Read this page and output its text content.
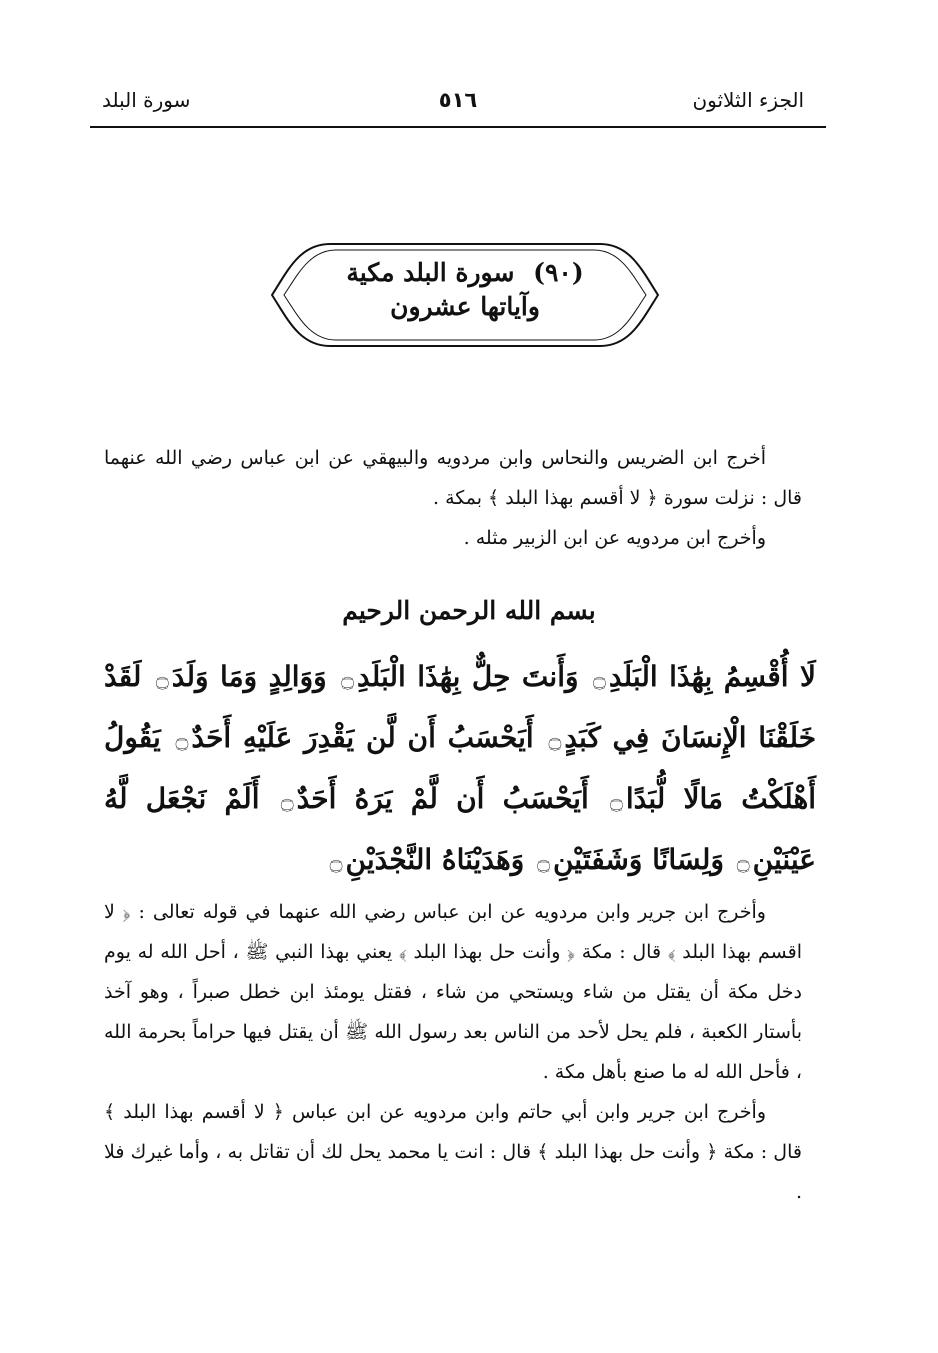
الجزء الثلاثون
٥١٦
سورة البلد
(٩٠) سورة البلد مكية
وآياتها عشرون

أخرج ابن الضريس والنحاس وابن مردويه والبيهقي عن ابن عباس رضي الله عنهما قال : نزلت سورة ﴿ لا أقسم بهذا البلد ﴾ بمكة .

وأخرج ابن مردويه عن ابن الزبير مثله .

بسم الله الرحمن الرحيم
لَا أُقْسِمُ بِهَٰذَا الْبَلَدِ۝ وَأَنتَ حِلٌّ بِهَٰذَا الْبَلَدِ۝ وَوَالِدٍ وَمَا وَلَدَ۝ لَقَدْ خَلَقْنَا الْإِنسَانَ فِي كَبَدٍ۝ أَيَحْسَبُ أَن لَّن يَقْدِرَ عَلَيْهِ أَحَدٌ۝ يَقُولُ أَهْلَكْتُ مَالًا لُّبَدًا۝ أَيَحْسَبُ أَن لَّمْ يَرَهُ أَحَدٌ۝ أَلَمْ نَجْعَل لَّهُ عَيْنَيْنِ۝ وَلِسَانًا وَشَفَتَيْنِ۝ وَهَدَيْنَاهُ النَّجْدَيْنِ۝

وأخرج ابن جرير وابن مردويه عن ابن عباس رضي الله عنهما في قوله تعالى : ﴿ لا اقسم بهذا البلد ﴾ قال : مكة ﴿ وأنت حل بهذا البلد ﴾ يعني بهذا النبي ﷺ ، أحل الله له يوم دخل مكة أن يقتل من شاء ويستحي من شاء ، فقتل يومئذ ابن خطل صبراً ، وهو آخذ بأستار الكعبة ، فلم يحل لأحد من الناس بعد رسول الله ﷺ أن يقتل فيها حراماً بحرمة الله ، فأحل الله له ما صنع بأهل مكة .

وأخرج ابن جرير وابن أبي حاتم وابن مردويه عن ابن عباس ﴿ لا أقسم بهذا البلد ﴾ قال : مكة ﴿ وأنت حل بهذا البلد ﴾ قال : انت يا محمد يحل لك أن تقاتل به ، وأما غيرك فلا .
